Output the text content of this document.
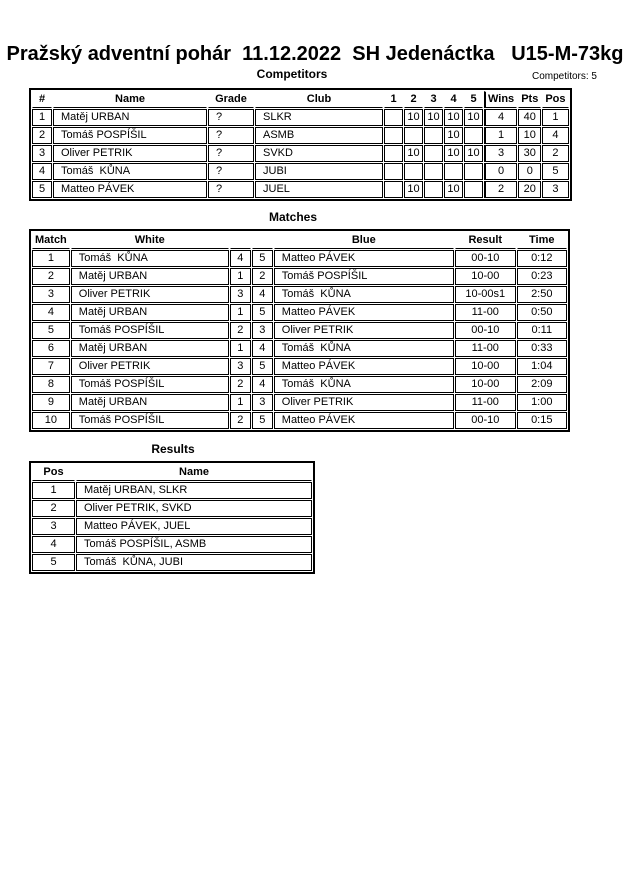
Pražský adventní pohár  11.12.2022  SH Jedenáctka   U15-M-73kg
Competitors	Competitors: 5
#	Name	Grade	Club	1	2	3	4	5	Wins	Pts	Pos
1	Matěj URBAN	?	SLKR		10	10	10	10	4	40	1
2	Tomáš POSPÍŠIL	?	ASMB				10		1	10	4
3	Oliver PETRIK	?	SVKD		10		10	10	3	30	2
4	Tomáš  KŮNA	?	JUBI						0	0	5
5	Matteo PÁVEK	?	JUEL		10		10		2	20	3
Matches
Match	White			Blue	Result	Time
1	Tomáš  KŮNA	4	5	Matteo PÁVEK	00-10	0:12
2	Matěj URBAN	1	2	Tomáš POSPÍŠIL	10-00	0:23
3	Oliver PETRIK	3	4	Tomáš  KŮNA	10-00s1	2:50
4	Matěj URBAN	1	5	Matteo PÁVEK	11-00	0:50
5	Tomáš POSPÍŠIL	2	3	Oliver PETRIK	00-10	0:11
6	Matěj URBAN	1	4	Tomáš  KŮNA	11-00	0:33
7	Oliver PETRIK	3	5	Matteo PÁVEK	10-00	1:04
8	Tomáš POSPÍŠIL	2	4	Tomáš  KŮNA	10-00	2:09
9	Matěj URBAN	1	3	Oliver PETRIK	11-00	1:00
10	Tomáš POSPÍŠIL	2	5	Matteo PÁVEK	00-10	0:15
Results
Pos	Name
1	Matěj URBAN, SLKR
2	Oliver PETRIK, SVKD
3	Matteo PÁVEK, JUEL
4	Tomáš POSPÍŠIL, ASMB
5	Tomáš  KŮNA, JUBI
